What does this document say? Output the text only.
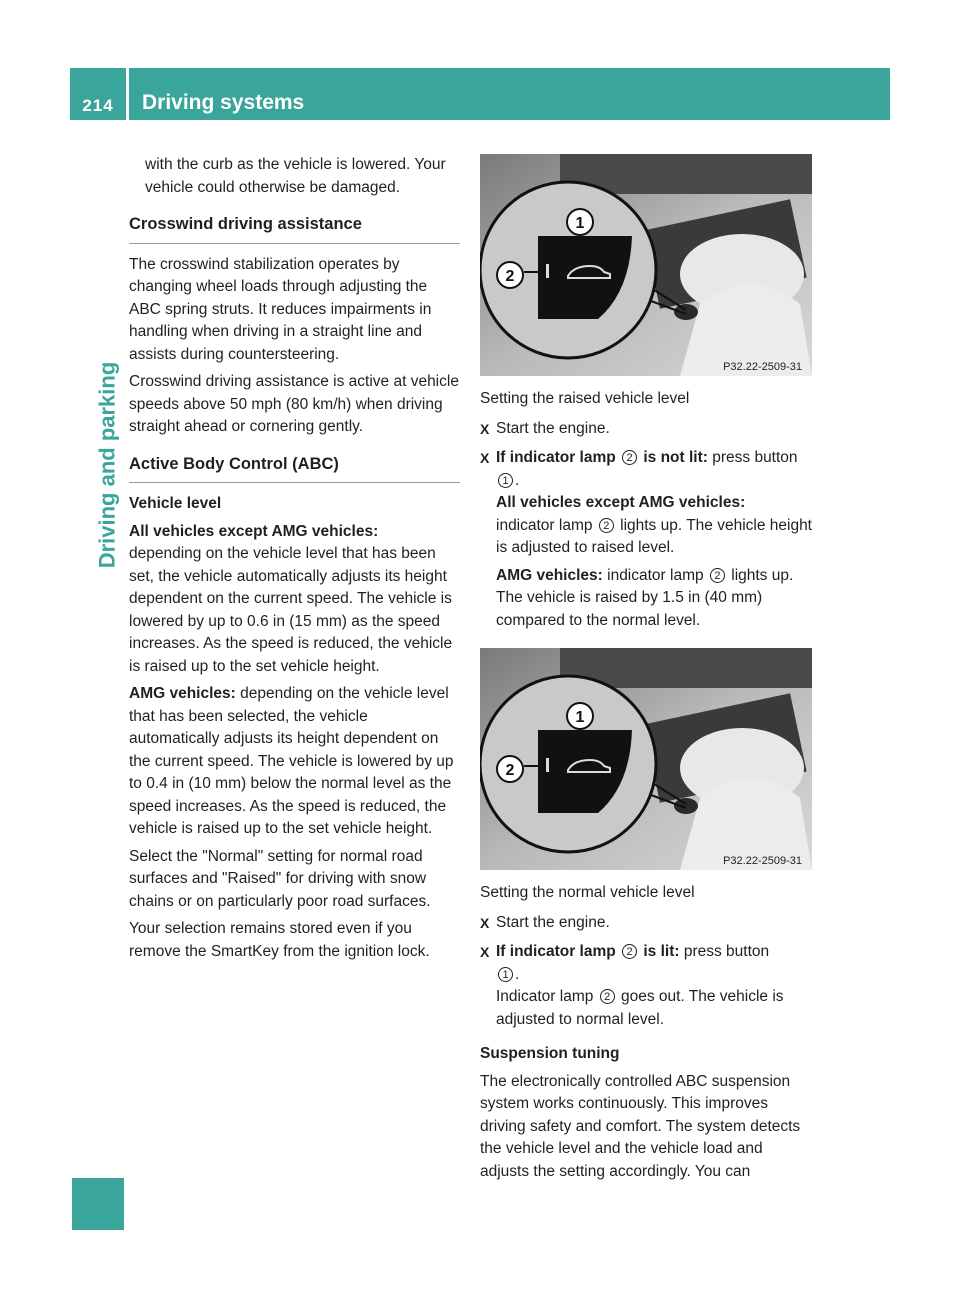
214	Driving systems
Driving and parking

with the curb as the vehicle is lowered. Your vehicle could otherwise be damaged.

Crosswind driving assistance

The crosswind stabilization operates by changing wheel loads through adjusting the ABC spring struts. It reduces impairments in handling when driving in a straight line and assists during countersteering.

Crosswind driving assistance is active at vehicle speeds above 50 mph (80 km/h) when driving straight ahead or cornering gently.

Active Body Control (ABC)

Vehicle level

All vehicles except AMG vehicles:
depending on the vehicle level that has been set, the vehicle automatically adjusts its height dependent on the current speed. The vehicle is lowered by up to 0.6 in (15 mm) as the speed increases. As the speed is reduced, the vehicle is raised up to the set vehicle height.

AMG vehicles: depending on the vehicle level that has been selected, the vehicle automatically adjusts its height dependent on the current speed. The vehicle is lowered by up to 0.4 in (10 mm) below the normal level as the speed increases. As the speed is reduced, the vehicle is raised up to the set vehicle height.

Select the "Normal" setting for normal road surfaces and "Raised" for driving with snow chains or on particularly poor road surfaces.

Your selection remains stored even if you remove the SmartKey from the ignition lock.

1
2
P32.22-2509-31

Setting the raised vehicle level

X Start the engine.

X If indicator lamp 2 is not lit: press button 1 .
All vehicles except AMG vehicles:
indicator lamp 2 lights up. The vehicle height is adjusted to raised level.

AMG vehicles: indicator lamp 2 lights up. The vehicle is raised by 1.5 in (40 mm) compared to the normal level.

1
2
P32.22-2509-31

Setting the normal vehicle level

X Start the engine.

X If indicator lamp 2 is lit: press button
1 .
Indicator lamp 2 goes out. The vehicle is adjusted to normal level.

Suspension tuning

The electronically controlled ABC suspension system works continuously. This improves driving safety and comfort. The system detects the vehicle level and the vehicle load and adjusts the setting accordingly. You can
